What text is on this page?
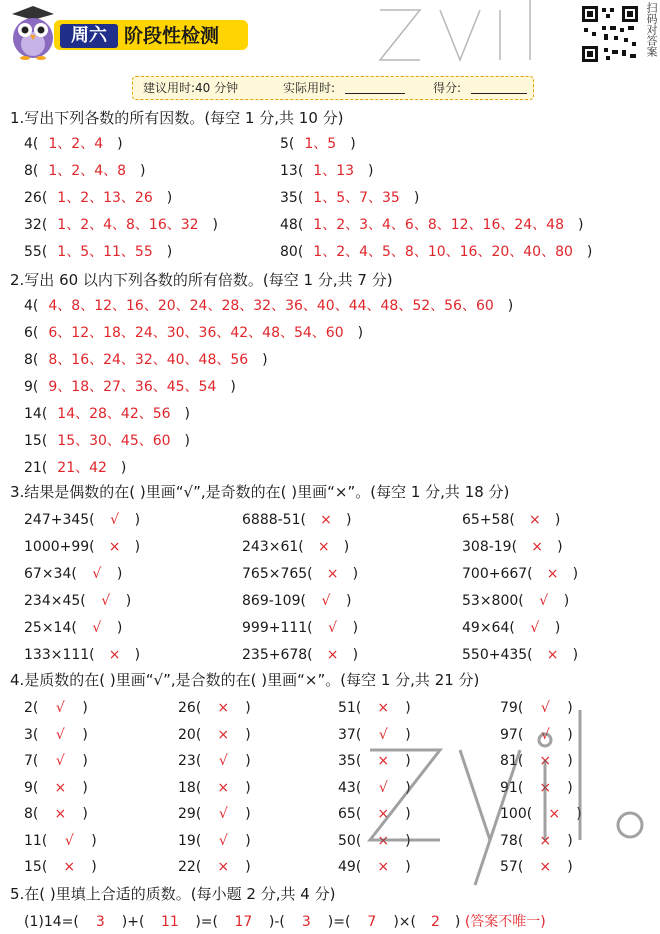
周六 阶段性检测	扫码对答案
建议用时:40 分钟	实际用时:	得分:
1.写出下列各数的所有因数。(每空 1 分,共 10 分)
4( 1、2、4 )	5( 1、5 )
8( 1、2、4、8 )	13( 1、13 )
26( 1、2、13、26 )	35( 1、5、7、35 )
32( 1、2、4、8、16、32 )	48( 1、2、3、4、6、8、12、16、24、48 )
55( 1、5、11、55 )	80( 1、2、4、5、8、10、16、20、40、80 )
2.写出 60 以内下列各数的所有倍数。(每空 1 分,共 7 分)
4( 4、8、12、16、20、24、28、32、36、40、44、48、52、56、60 )
6( 6、12、18、24、30、36、42、48、54、60 )
8( 8、16、24、32、40、48、56 )
9( 9、18、27、36、45、54 )
14( 14、28、42、56 )
15( 15、30、45、60 )
21( 21、42 )
3.结果是偶数的在( )里画“√”,是奇数的在( )里画“×”。(每空 1 分,共 18 分)
247+345( √ )	6888-51( × )	65+58( × )
1000+99( × )	243×61( × )	308-19( × )
67×34( √ )	765×765( × )	700+667( × )
234×45( √ )	869-109( √ )	53×800( √ )
25×14( √ )	999+111( √ )	49×64( √ )
133×111( × )	235+678( × )	550+435( × )
4.是质数的在( )里画“√”,是合数的在( )里画“×”。(每空 1 分,共 21 分)
2( √ )	26( × )	51( × )	79( √ )
3( √ )	20( × )	37( √ )	97( √ )
7( √ )	23( √ )	35( × )	81( × )
9( × )	18( × )	43( √ )	91( × )
8( × )	29( √ )	65( × )	100( × )
11( √ )	19( √ )	50( × )	78( × )
15( × )	22( × )	49( × )	57( × )
5.在( )里填上合适的质数。(每小题 2 分,共 4 分)
(1)14=( 3 )+( 11 )=( 17 )-( 3 )=( 7 )×( 2 ) (答案不唯一)
